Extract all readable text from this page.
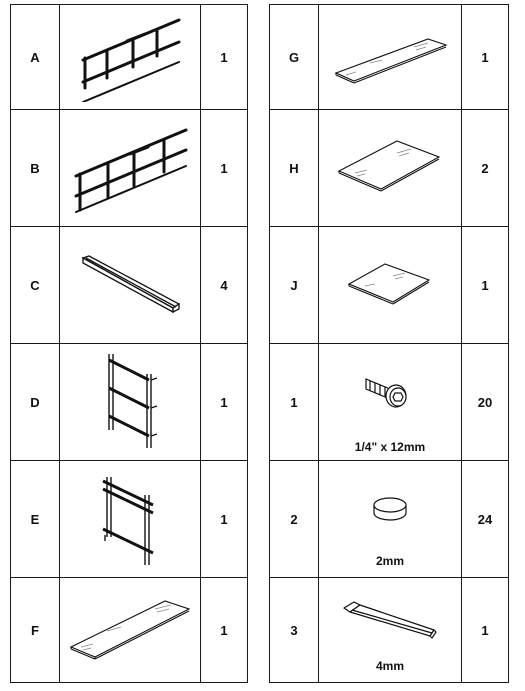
A		1
B		1
C		4
D		1
E		1
F		1
G		1
H		2
J		1
1	1/4" x 12mm	20
2	2mm	24
3	4mm	1
